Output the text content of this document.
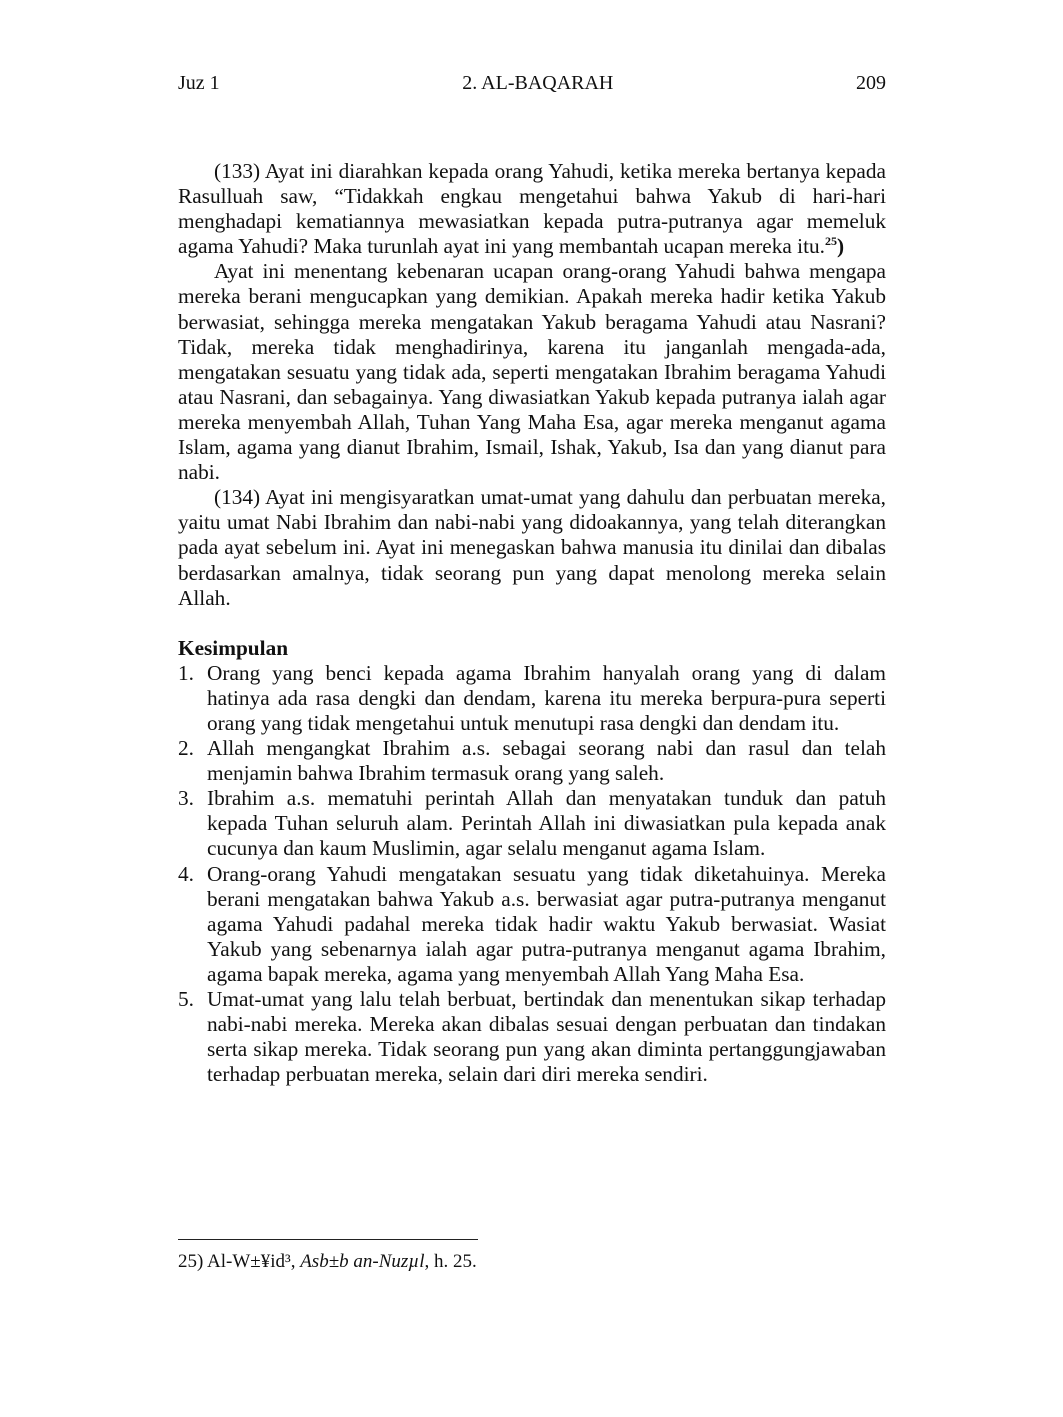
Juz 1	2. AL-BAQARAH	209

(133) Ayat ini diarahkan kepada orang Yahudi, ketika mereka bertanya kepada Rasulluah saw, “Tidakkah engkau mengetahui bahwa Yakub di hari-hari menghadapi kematiannya mewasiatkan kepada putra-putranya agar memeluk agama Yahudi? Maka turunlah ayat ini yang membantah ucapan mereka itu.$^{25}$)

Ayat ini menentang kebenaran ucapan orang-orang Yahudi bahwa mengapa mereka berani mengucapkan yang demikian. Apakah mereka hadir ketika Yakub berwasiat, sehingga mereka mengatakan Yakub beragama Yahudi atau Nasrani? Tidak, mereka tidak menghadirinya, karena itu janganlah mengada-ada, mengatakan sesuatu yang tidak ada, seperti mengatakan Ibrahim beragama Yahudi atau Nasrani, dan sebagainya. Yang diwasiatkan Yakub kepada putranya ialah agar mereka menyembah Allah, Tuhan Yang Maha Esa, agar mereka menganut agama Islam, agama yang dianut Ibrahim, Ismail, Ishak, Yakub, Isa dan yang dianut para nabi.

(134) Ayat ini mengisyaratkan umat-umat yang dahulu dan perbuatan mereka, yaitu umat Nabi Ibrahim dan nabi-nabi yang didoakannya, yang telah diterangkan pada ayat sebelum ini. Ayat ini menegaskan bahwa manusia itu dinilai dan dibalas berdasarkan amalnya, tidak seorang pun yang dapat menolong mereka selain Allah.

Kesimpulan
1. Orang yang benci kepada agama Ibrahim hanyalah orang yang di dalam hatinya ada rasa dengki dan dendam, karena itu mereka berpura-pura seperti orang yang tidak mengetahui untuk menutupi rasa dengki dan dendam itu.
2. Allah mengangkat Ibrahim a.s. sebagai seorang nabi dan rasul dan telah menjamin bahwa Ibrahim termasuk orang yang saleh.
3. Ibrahim a.s. mematuhi perintah Allah dan menyatakan tunduk dan patuh kepada Tuhan seluruh alam. Perintah Allah ini diwasiatkan pula kepada anak cucunya dan kaum Muslimin, agar selalu menganut agama Islam.
4. Orang-orang Yahudi mengatakan sesuatu yang tidak diketahuinya. Mereka berani mengatakan bahwa Yakub a.s. berwasiat agar putra-putranya menganut agama Yahudi padahal mereka tidak hadir waktu Yakub berwasiat. Wasiat Yakub yang sebenarnya ialah agar putra-putranya menganut agama Ibrahim, agama bapak mereka, agama yang menyembah Allah Yang Maha Esa.
5. Umat-umat yang lalu telah berbuat, bertindak dan menentukan sikap terhadap nabi-nabi mereka. Mereka akan dibalas sesuai dengan perbuatan dan tindakan serta sikap mereka. Tidak seorang pun yang akan diminta pertanggungjawaban terhadap perbuatan mereka, selain dari diri mereka sendiri.
25) Al-W±¥id³, Asb±b an-Nuzµl, h. 25.
